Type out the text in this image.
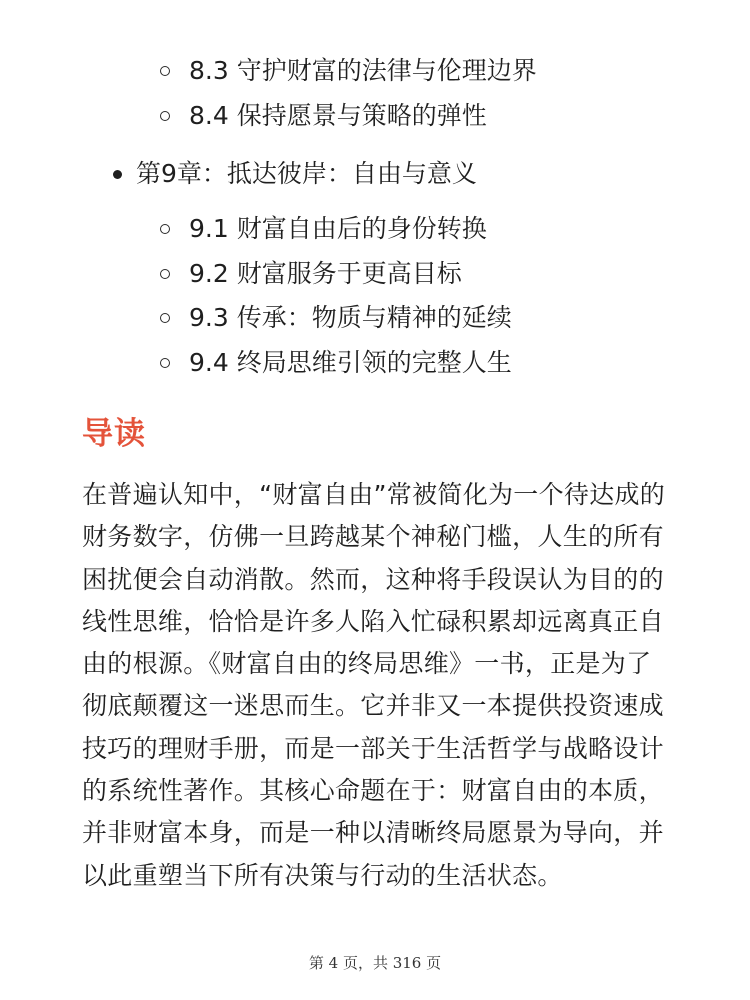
8.3 守护财富的法律与伦理边界
8.4 保持愿景与策略的弹性
第9章：抵达彼岸：自由与意义
9.1 财富自由后的身份转换
9.2 财富服务于更高目标
9.3 传承：物质与精神的延续
9.4 终局思维引领的完整人生
导读

在普遍认知中，“财富自由”常被简化为一个待达成的财务数字，仿佛一旦跨越某个神秘门槛，人生的所有困扰便会自动消散。然而，这种将手段误认为目的的线性思维，恰恰是许多人陷入忙碌积累却远离真正自由的根源。《财富自由的终局思维》一书，正是为了彻底颠覆这一迷思而生。它并非又一本提供投资速成技巧的理财手册，而是一部关于生活哲学与战略设计的系统性著作。其核心命题在于：财富自由的本质，并非财富本身，而是一种以清晰终局愿景为导向，并以此重塑当下所有决策与行动的生活状态。

第 4 页，共 316 页
